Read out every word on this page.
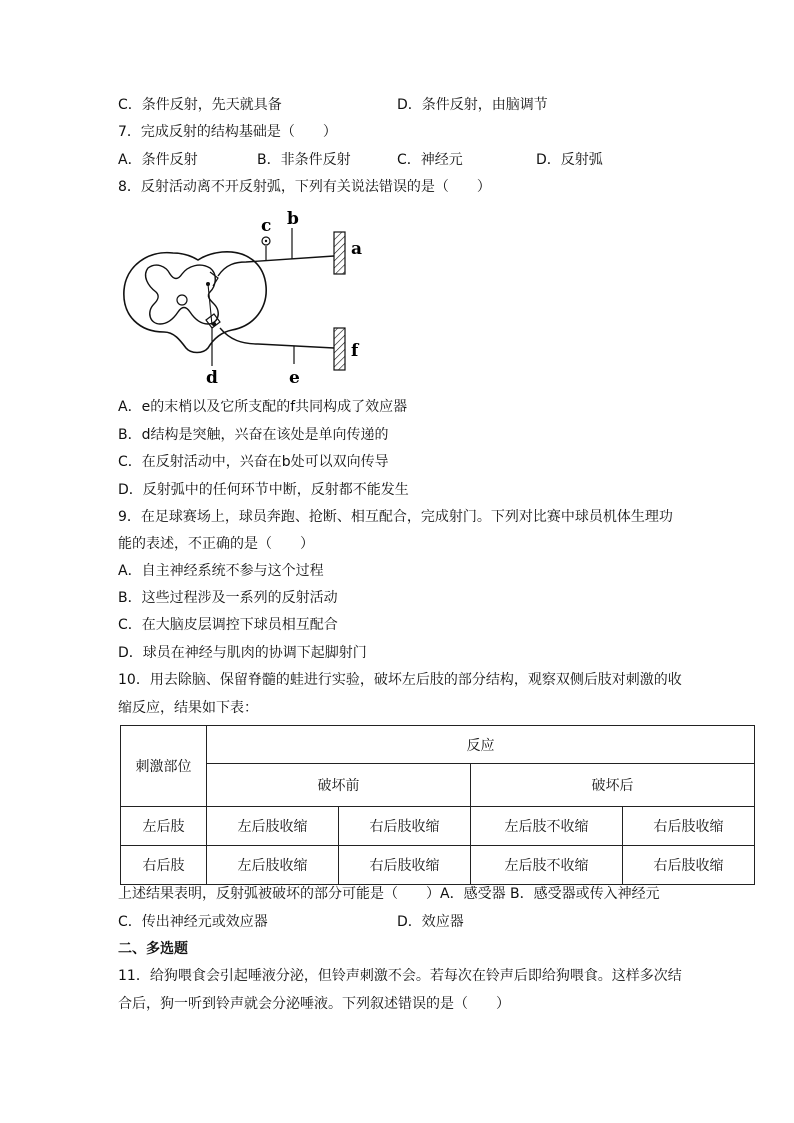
C．条件反射，先天就具备	D．条件反射，由脑调节
7．完成反射的结构基础是（　　）
A．条件反射	B．非条件反射	C．神经元	D．反射弧
8．反射活动离不开反射弧，下列有关说法错误的是（　　）
c b
a
f
d	e
A．e的末梢以及它所支配的f共同构成了效应器
B．d结构是突触，兴奋在该处是单向传递的
C．在反射活动中，兴奋在b处可以双向传导
D．反射弧中的任何环节中断，反射都不能发生
9．在足球赛场上，球员奔跑、抢断、相互配合，完成射门。下列对比赛中球员机体生理功
能的表述，不正确的是（　　）
A．自主神经系统不参与这个过程
B．这些过程涉及一系列的反射活动
C．在大脑皮层调控下球员相互配合
D．球员在神经与肌肉的协调下起脚射门
10．用去除脑、保留脊髓的蛙进行实验，破坏左后肢的部分结构，观察双侧后肢对刺激的收
缩反应，结果如下表：
刺激部位	反应			
	破坏前		破坏后	
左后肢	左后肢收缩	右后肢收缩	左后肢不收缩	右后肢收缩
右后肢	左后肢收缩	右后肢收缩	左后肢不收缩	右后肢收缩
上述结果表明，反射弧被破坏的部分可能是（　　）A．感受器 B．感受器或传入神经元
C．传出神经元或效应器	D．效应器
二、多选题
11．给狗喂食会引起唾液分泌，但铃声刺激不会。若每次在铃声后即给狗喂食。这样多次结
合后，狗一听到铃声就会分泌唾液。下列叙述错误的是（　　）
